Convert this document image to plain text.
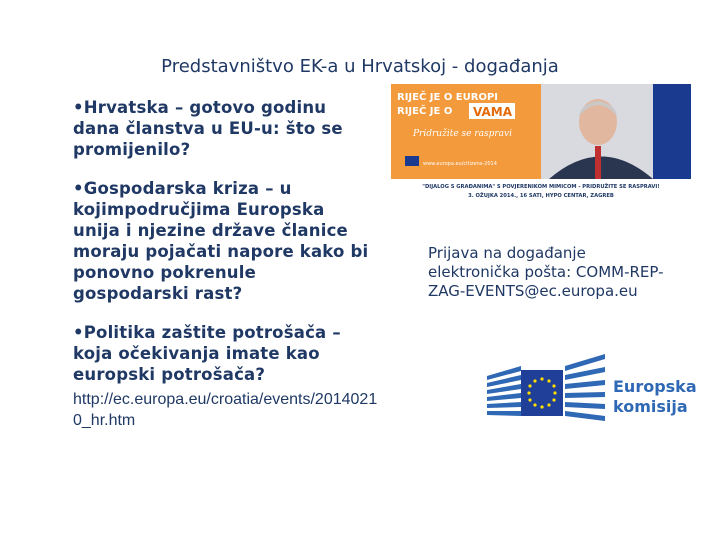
Predstavništvo EK-a u Hrvatskoj - događanja

•Hrvatska – gotovo godinu dana članstva u EU-u: što se promijenilo?

•Gospodarska kriza – u kojimpodručjima Europska unija i njezine države članice moraju pojačati napore kako bi ponovno pokrenule gospodarski rast?

•Politika zaštite potrošača – koja očekivanja imate kao europski potrošača?

http://ec.europa.eu/croatia/events/20140210_hr.htm
RIJEČ JE O EUROPI
RIJEČ JE O VAMA
Pridružite se raspravi
www.europa.eu/citizens-2014
"DIJALOG S GRAĐANIMA" S POVJERENIKOM MIMICOM - PRIDRUŽITE SE RASPRAVI!
3. OŽUJKA 2014., 16 SATI, HYPO CENTAR, ZAGREB
Prijava na događanje
elektronička pošta: COMM-REP-ZAG-EVENTS@ec.europa.eu
Europska
komisija
